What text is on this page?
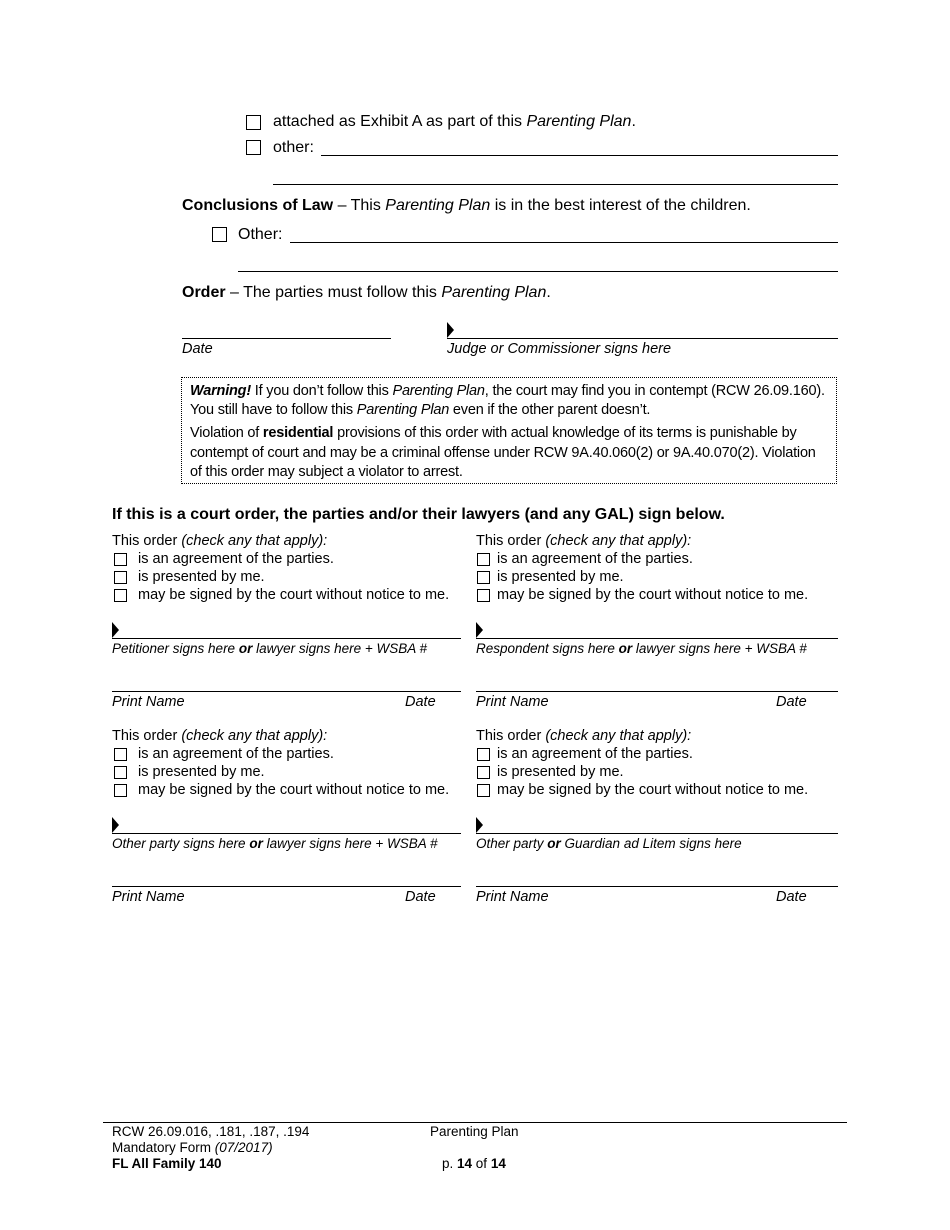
attached as Exhibit A as part of this Parenting Plan.
other:
Conclusions of Law – This Parenting Plan is in the best interest of the children.
Other:
Order – The parties must follow this Parenting Plan.
Date	Judge or Commissioner signs here
Warning! If you don’t follow this Parenting Plan, the court may find you in contempt (RCW 26.09.160).
You still have to follow this Parenting Plan even if the other parent doesn’t.
Violation of residential provisions of this order with actual knowledge of its terms is punishable by
contempt of court and may be a criminal offense under RCW 9A.40.060(2) or 9A.40.070(2). Violation
of this order may subject a violator to arrest.
If this is a court order, the parties and/or their lawyers (and any GAL) sign below.
This order (check any that apply):
is an agreement of the parties.
is presented by me.
may be signed by the court without notice to me.
Petitioner signs here or lawyer signs here + WSBA #
Print Name	Date
This order (check any that apply):
is an agreement of the parties.
is presented by me.
may be signed by the court without notice to me.
Respondent signs here or lawyer signs here + WSBA #
Print Name	Date
This order (check any that apply):
is an agreement of the parties.
is presented by me.
may be signed by the court without notice to me.
Other party signs here or lawyer signs here + WSBA #
Print Name	Date
This order (check any that apply):
is an agreement of the parties.
is presented by me.
may be signed by the court without notice to me.
Other party or Guardian ad Litem signs here
Print Name	Date
RCW 26.09.016, .181, .187, .194
Mandatory Form (07/2017)
FL All Family 140
Parenting Plan
p. 14 of 14
